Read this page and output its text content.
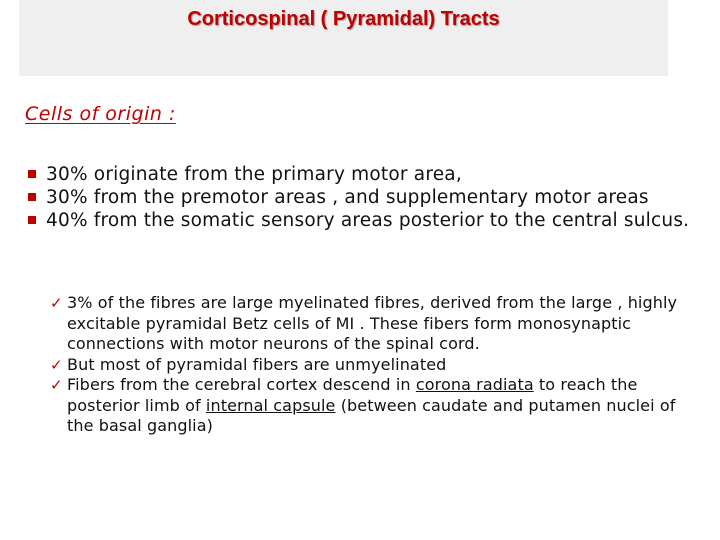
Corticospinal ( Pyramidal) Tracts
Cells of origin :
30% originate from the primary motor area,
30% from the premotor areas , and supplementary motor areas
40% from the somatic sensory areas posterior to the central sulcus.
✓ 3% of the fibres are large myelinated fibres, derived from the large , highly excitable pyramidal Betz cells of MI . These fibers form monosynaptic connections with motor neurons of the spinal cord.
✓ But most of pyramidal fibers are unmyelinated
✓ Fibers from the cerebral cortex descend in corona radiata to reach the posterior limb of internal capsule (between caudate and putamen nuclei of the basal ganglia)
